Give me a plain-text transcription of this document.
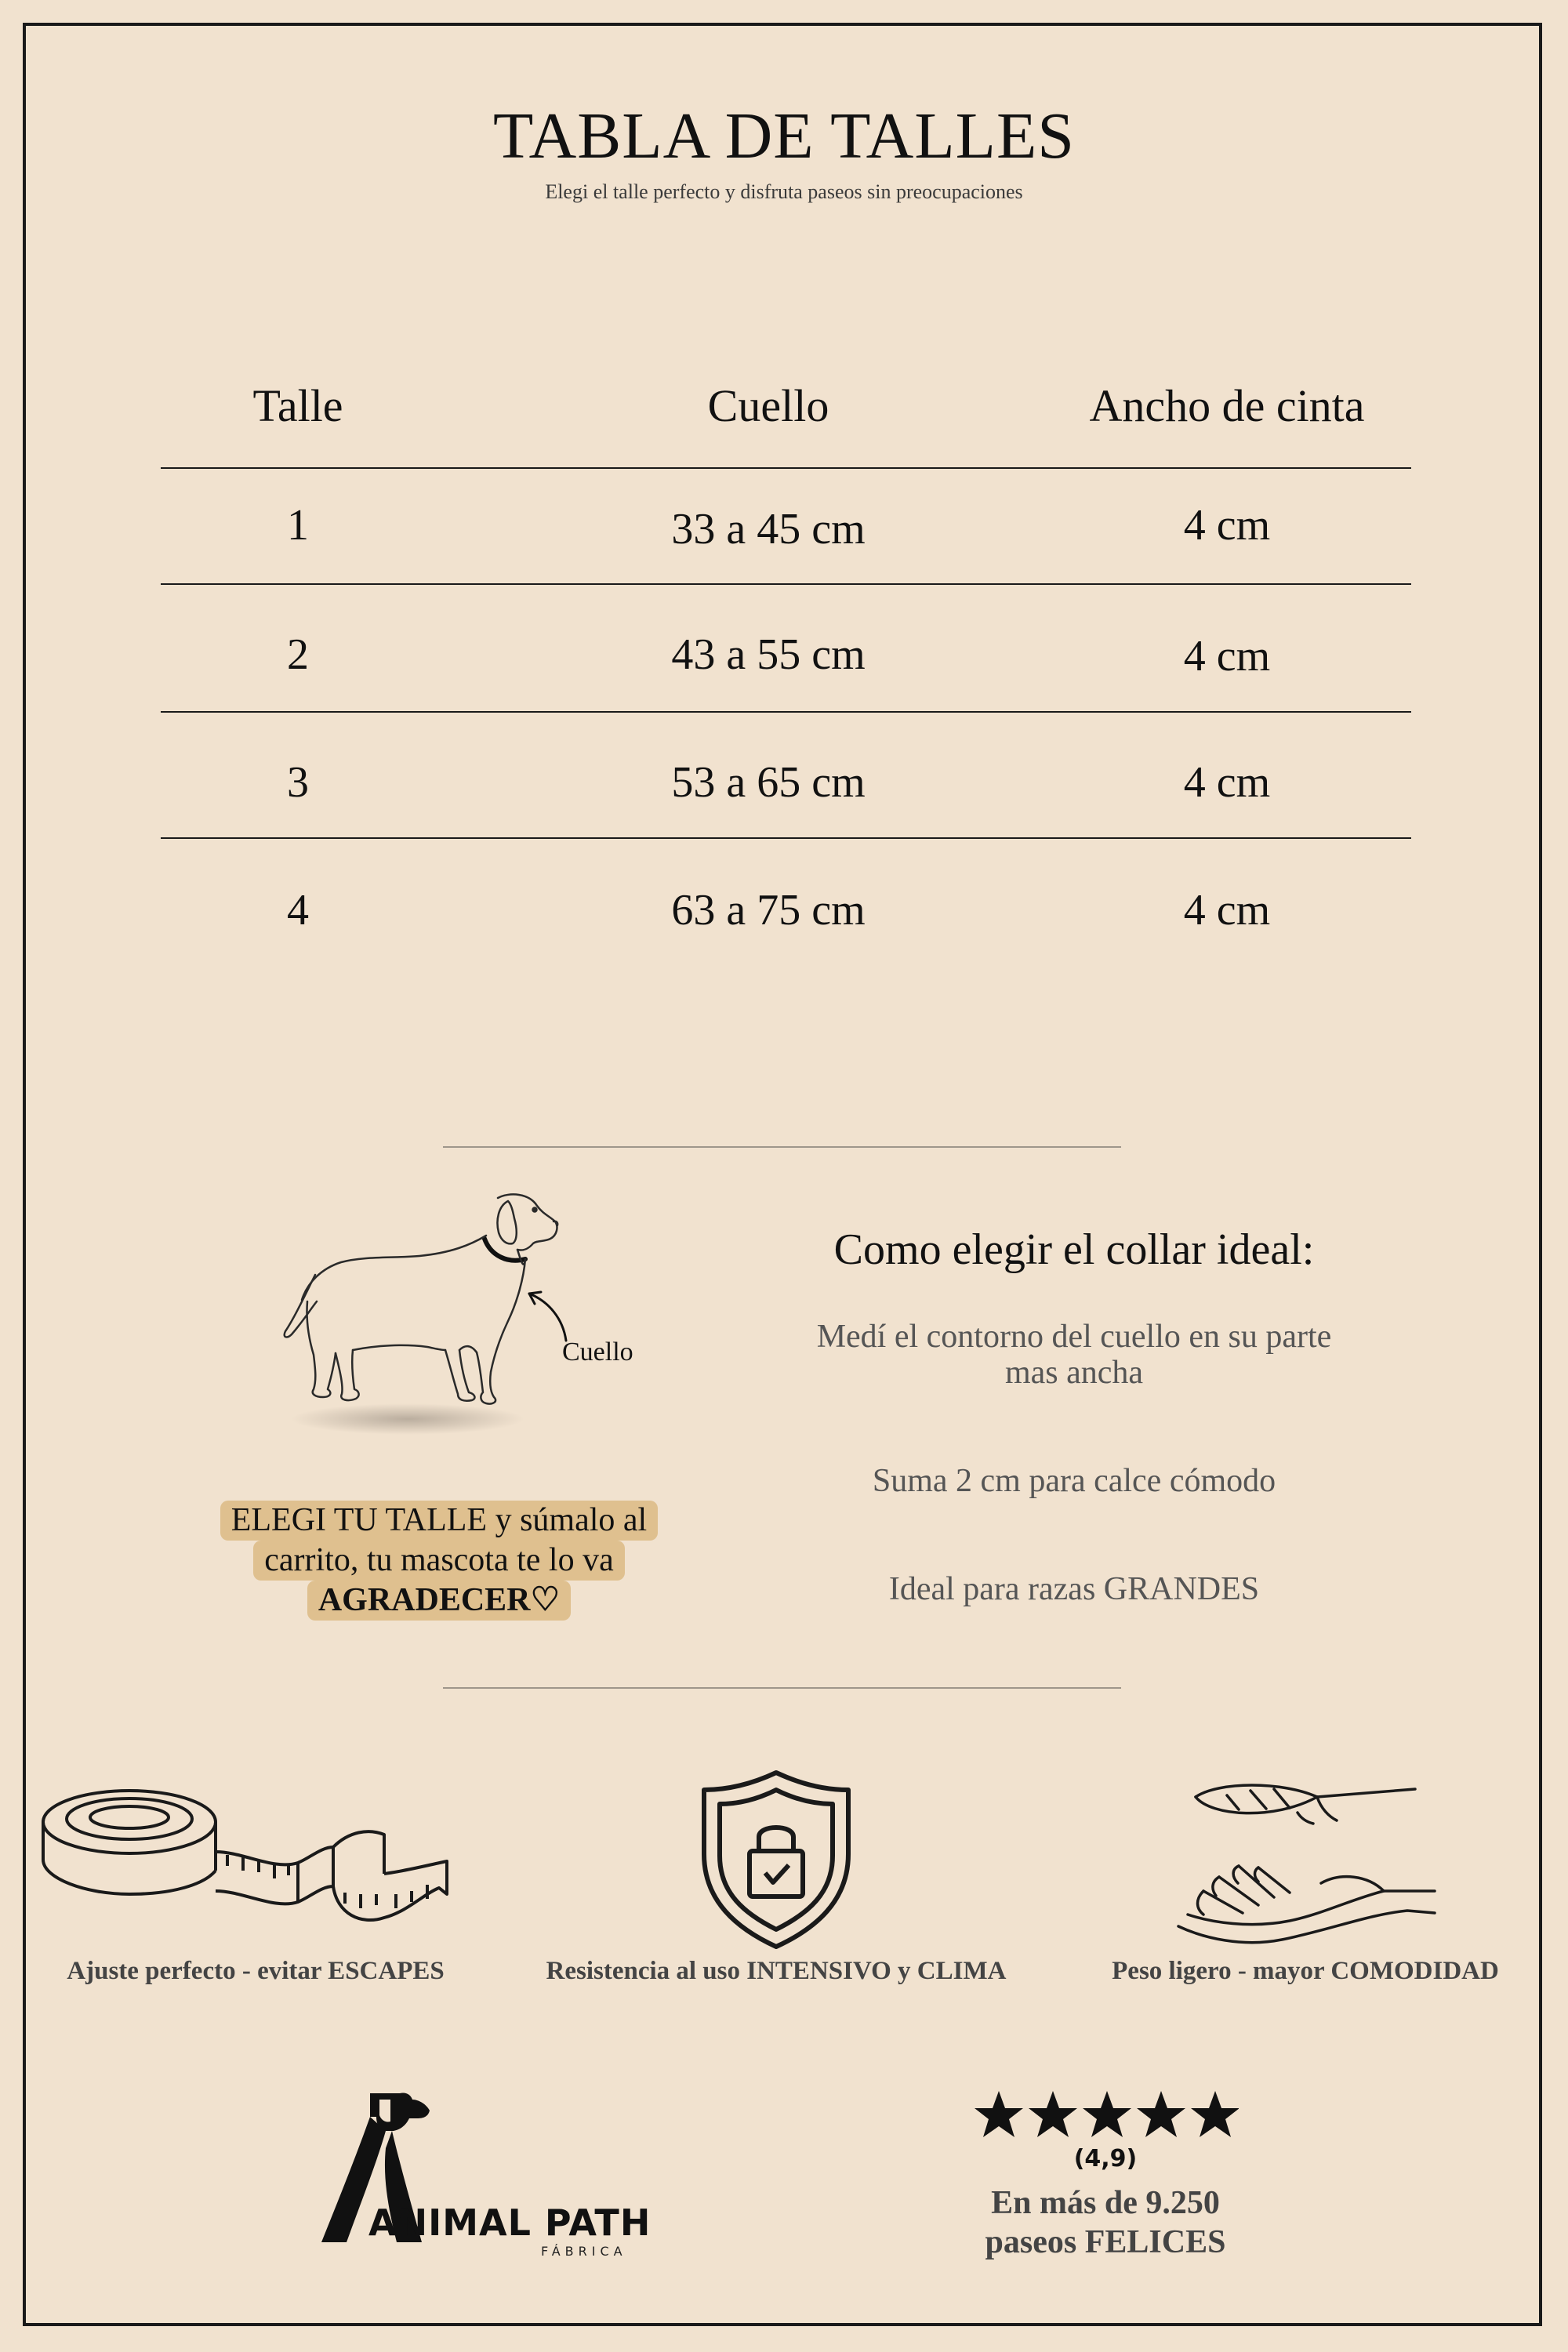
TABLA DE TALLES
Elegi el talle perfecto y disfruta paseos sin preocupaciones
Talle	Cuello	Ancho de cinta
1	33 a 45 cm	4 cm
2	43 a 55 cm	4 cm
3	53 a 65 cm	4 cm
4	63 a 75 cm	4 cm
Cuello
ELEGI TU TALLE y súmalo al
carrito, tu mascota te lo va
AGRADECER♡
Como elegir el collar ideal:
Medí el contorno del cuello en su parte mas ancha
Suma 2 cm para calce cómodo
Ideal para razas GRANDES
Ajuste perfecto - evitar ESCAPES	Resistencia al uso INTENSIVO y CLIMA	Peso ligero - mayor COMODIDAD
ANIMAL PATH
FÁBRICA
(4,9)
En más de 9.250
paseos FELICES
